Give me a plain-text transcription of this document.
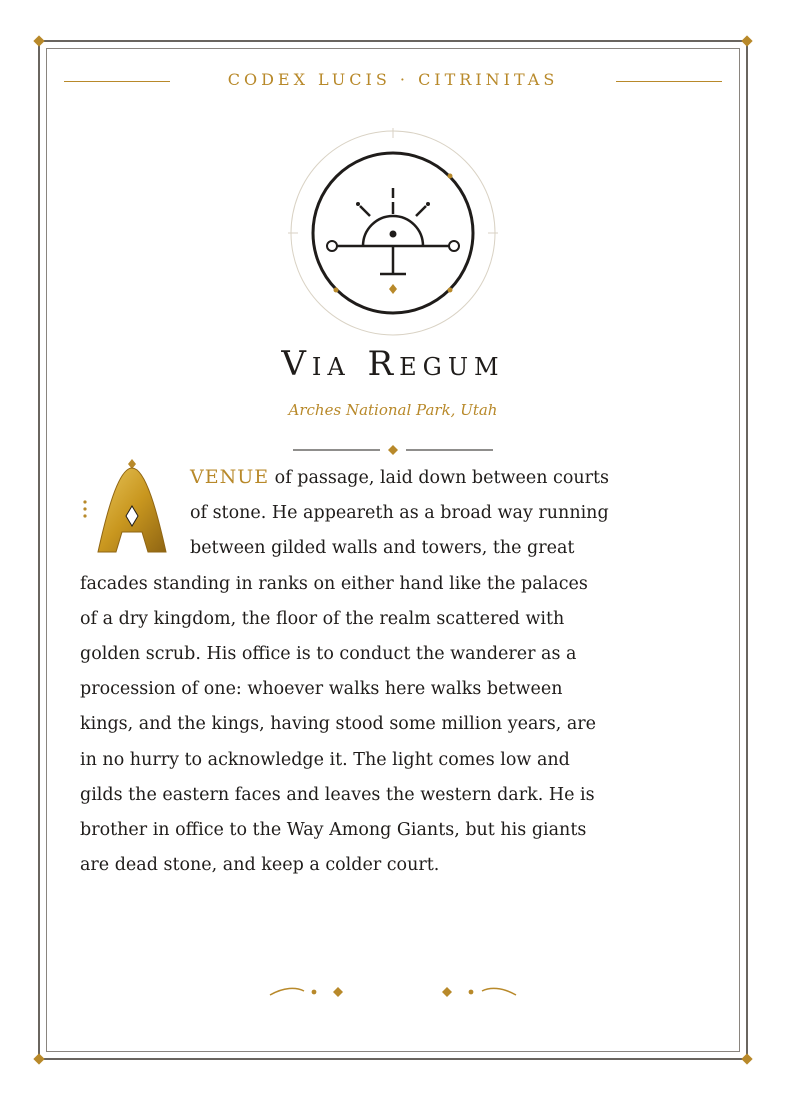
CODEX LUCIS · CITRINITAS
Via Regum
Arches National Park, Utah
VENUE of passage, laid down between courts
of stone. He appeareth as a broad way running
between gilded walls and towers, the great
facades standing in ranks on either hand like the palaces
of a dry kingdom, the floor of the realm scattered with
golden scrub. His office is to conduct the wanderer as a
procession of one: whoever walks here walks between
kings, and the kings, having stood some million years, are
in no hurry to acknowledge it. The light comes low and
gilds the eastern faces and leaves the western dark. He is
brother in office to the Way Among Giants, but his giants
are dead stone, and keep a colder court.
